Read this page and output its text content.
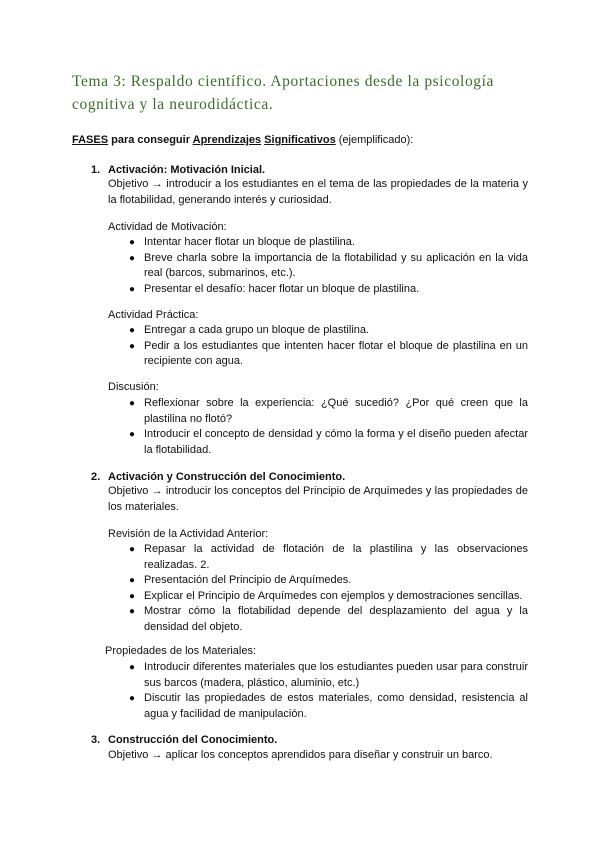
Tema 3: Respaldo científico. Aportaciones desde la psicología cognitiva y la neurodidáctica.
FASES para conseguir Aprendizajes Significativos (ejemplificado):
1. Activación: Motivación Inicial.
Objetivo → introducir a los estudiantes en el tema de las propiedades de la materia y la flotabilidad, generando interés y curiosidad.
Actividad de Motivación:
● Intentar hacer flotar un bloque de plastilina.
● Breve charla sobre la importancia de la flotabilidad y su aplicación en la vida real (barcos, submarinos, etc.).
● Presentar el desafío: hacer flotar un bloque de plastilina.
Actividad Práctica:
● Entregar a cada grupo un bloque de plastilina.
● Pedir a los estudiantes que intenten hacer flotar el bloque de plastilina en un recipiente con agua.
Discusión:
● Reflexionar sobre la experiencia: ¿Qué sucedió? ¿Por qué creen que la plastilina no flotó?
● Introducir el concepto de densidad y cómo la forma y el diseño pueden afectar la flotabilidad.
2. Activación y Construcción del Conocimiento.
Objetivo → introducir los conceptos del Principio de Arquímedes y las propiedades de los materiales.
Revisión de la Actividad Anterior:
● Repasar la actividad de flotación de la plastilina y las observaciones realizadas. 2.
● Presentación del Principio de Arquímedes.
● Explicar el Principio de Arquímedes con ejemplos y demostraciones sencillas.
● Mostrar cómo la flotabilidad depende del desplazamiento del agua y la densidad del objeto.
Propiedades de los Materiales:
● Introducir diferentes materiales que los estudiantes pueden usar para construir sus barcos (madera, plástico, aluminio, etc.)
● Discutir las propiedades de estos materiales, como densidad, resistencia al agua y facilidad de manipulación.
3. Construcción del Conocimiento.
Objetivo → aplicar los conceptos aprendidos para diseñar y construir un barco.
